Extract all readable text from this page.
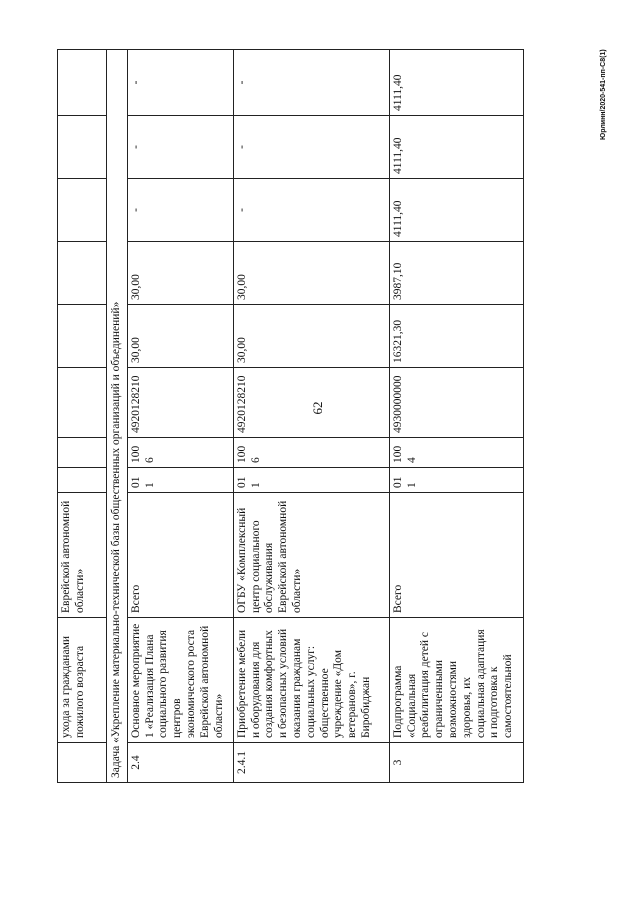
62
Юрлинн/2020-541-пп-С8(1)
	ухода за гражданами пожилого возраста	Еврейской автономной области»								
Задача «Укрепление материально-технической базы общественных организаций и объединений»										
2.4	Основное мероприятие 1 «Реализация Плана социального развития центров экономического роста Еврейской автономной области»	Всего	011	1006	4920128210	30,00	30,00	-	-	-
2.4.1	Приобретение мебели и оборудования для создания комфортных и безопасных условий оказания гражданам социальных услуг: общественное учреждение «Дом ветеранов», г. Биробиджан	ОГБУ «Комплексный центр социального обслуживания Еврейской автономной области»	011	1006	4920128210	30,00	30,00	-	-	-
3	Подпрограмма «Социальная реабилитация детей с ограниченными возможностями здоровья, их социальная адаптация и подготовка к самостоятельной	Всего	011	1004	4930000000	16321,30	3987,10	4111,40	4111,40	4111,40
